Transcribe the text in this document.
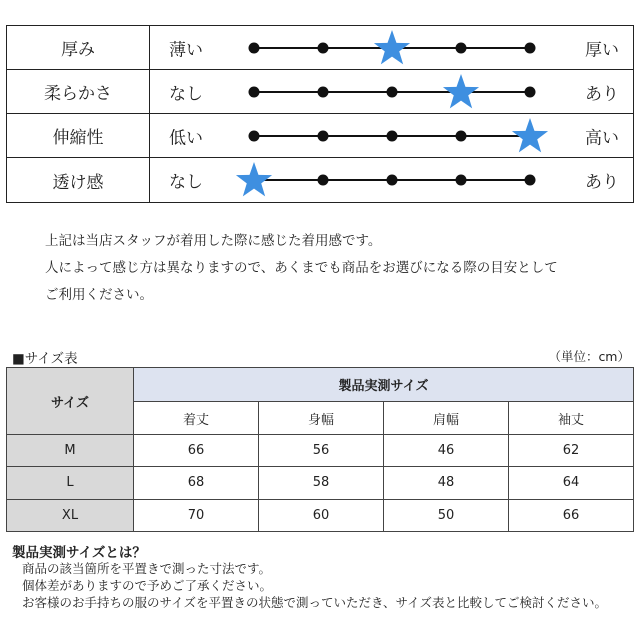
厚み	薄い	厚い
柔らかさ	なし	あり
伸縮性	低い	高い
透け感	なし	あり
上記は当店スタッフが着用した際に感じた着用感です。
人によって感じ方は異なりますので、あくまでも商品をお選びになる際の目安として
ご利用ください。
■サイズ表	（単位：cm）
サイズ	製品実測サイズ			
	着丈	身幅	肩幅	袖丈
M	66	56	46	62
L	68	58	48	64
XL	70	60	50	66
製品実測サイズとは？
商品の該当箇所を平置きで測った寸法です。
個体差がありますので予めご了承ください。
お客様のお手持ちの服のサイズを平置きの状態で測っていただき、サイズ表と比較してご検討ください。
